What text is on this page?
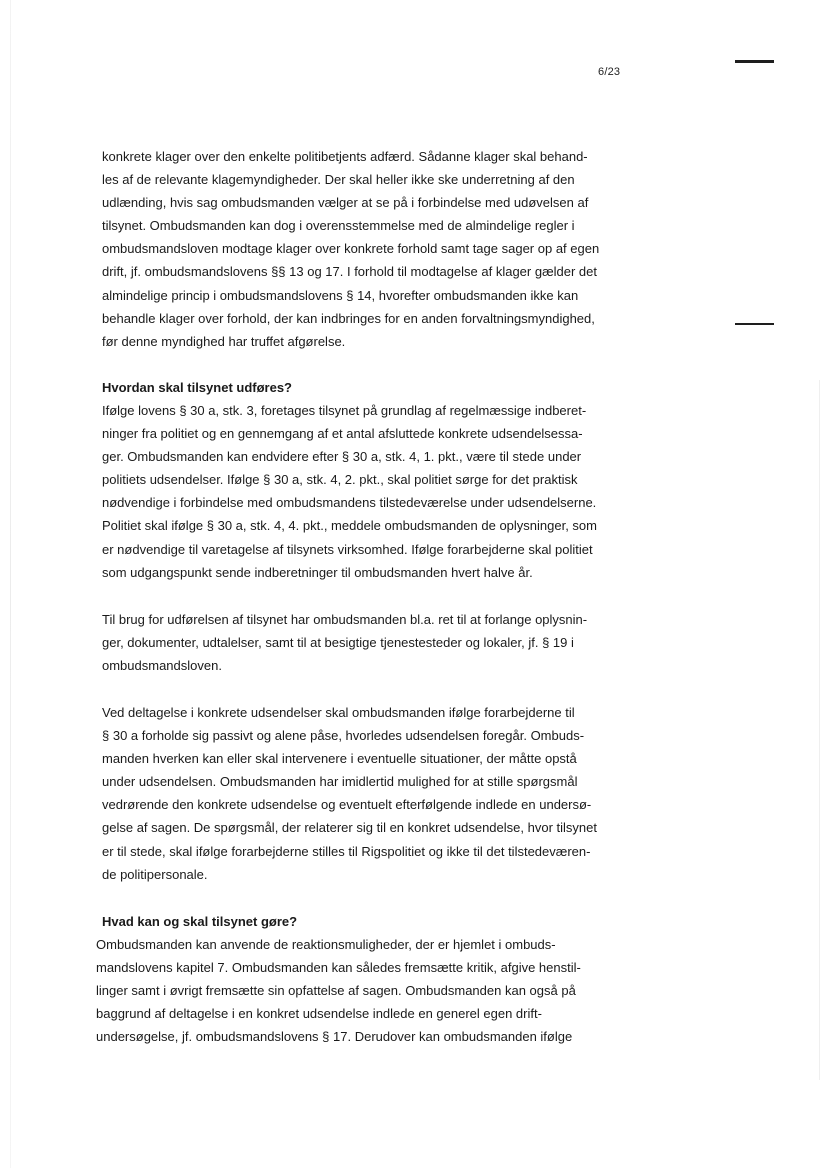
6/23
konkrete klager over den enkelte politibetjents adfærd. Sådanne klager skal behand-
les af de relevante klagemyndigheder. Der skal heller ikke ske underretning af den
udlænding, hvis sag ombudsmanden vælger at se på i forbindelse med udøvelsen af
tilsynet. Ombudsmanden kan dog i overensstemmelse med de almindelige regler i
ombudsmandsloven modtage klager over konkrete forhold samt tage sager op af egen
drift, jf. ombudsmandslovens §§ 13 og 17. I forhold til modtagelse af klager gælder det
almindelige princip i ombudsmandslovens § 14, hvorefter ombudsmanden ikke kan
behandle klager over forhold, der kan indbringes for en anden forvaltningsmyndighed,
før denne myndighed har truffet afgørelse.
Hvordan skal tilsynet udføres?
Ifølge lovens § 30 a, stk. 3, foretages tilsynet på grundlag af regelmæssige indberet-
ninger fra politiet og en gennemgang af et antal afsluttede konkrete udsendelsessa-
ger. Ombudsmanden kan endvidere efter § 30 a, stk. 4, 1. pkt., være til stede under
politiets udsendelser. Ifølge § 30 a, stk. 4, 2. pkt., skal politiet sørge for det praktisk
nødvendige i forbindelse med ombudsmandens tilstedeværelse under udsendelserne.
Politiet skal ifølge § 30 a, stk. 4, 4. pkt., meddele ombudsmanden de oplysninger, som
er nødvendige til varetagelse af tilsynets virksomhed. Ifølge forarbejderne skal politiet
som udgangspunkt sende indberetninger til ombudsmanden hvert halve år.
Til brug for udførelsen af tilsynet har ombudsmanden bl.a. ret til at forlange oplysnin-
ger, dokumenter, udtalelser, samt til at besigtige tjenestesteder og lokaler, jf. § 19 i
ombudsmandsloven.
Ved deltagelse i konkrete udsendelser skal ombudsmanden ifølge forarbejderne til
§ 30 a forholde sig passivt og alene påse, hvorledes udsendelsen foregår. Ombuds-
manden hverken kan eller skal intervenere i eventuelle situationer, der måtte opstå
under udsendelsen. Ombudsmanden har imidlertid mulighed for at stille spørgsmål
vedrørende den konkrete udsendelse og eventuelt efterfølgende indlede en undersø-
gelse af sagen. De spørgsmål, der relaterer sig til en konkret udsendelse, hvor tilsynet
er til stede, skal ifølge forarbejderne stilles til Rigspolitiet og ikke til det tilstedeværen-
de politipersonale.
Hvad kan og skal tilsynet gøre?
Ombudsmanden kan anvende de reaktionsmuligheder, der er hjemlet i ombuds-
mandslovens kapitel 7. Ombudsmanden kan således fremsætte kritik, afgive henstil-
linger samt i øvrigt fremsætte sin opfattelse af sagen. Ombudsmanden kan også på
baggrund af deltagelse i en konkret udsendelse indlede en generel egen drift-
undersøgelse, jf. ombudsmandslovens § 17. Derudover kan ombudsmanden ifølge
